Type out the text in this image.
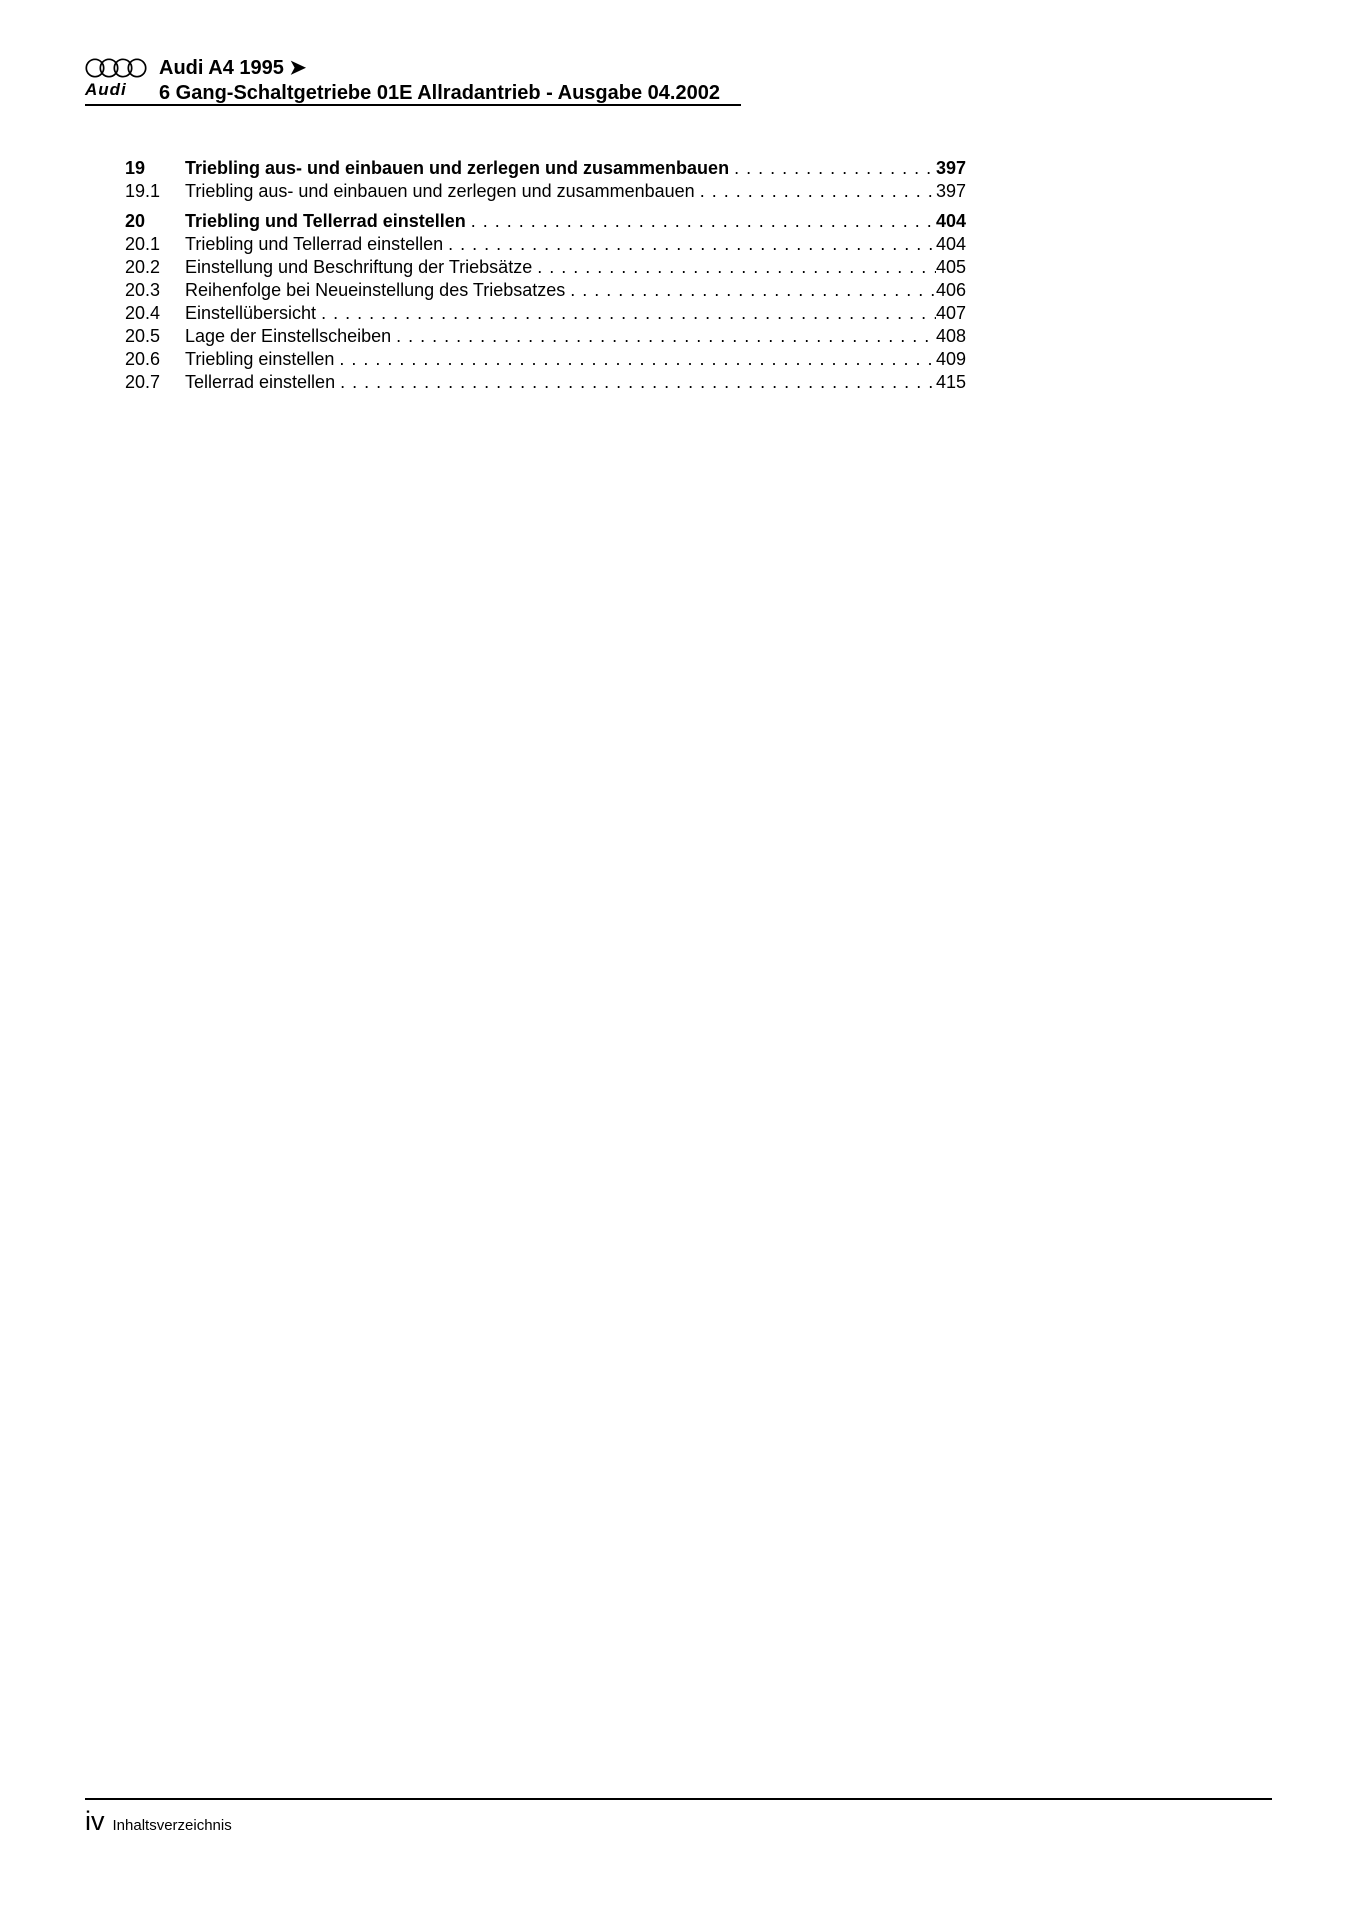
Audi
Audi A4 1995 ➤
6 Gang-Schaltgetriebe 01E Allradantrieb - Ausgabe 04.2002
19	Triebling aus- und einbauen und zerlegen und zusammenbauen . . .	397
19.1	Triebling aus- und einbauen und zerlegen und zusammenbauen . . .	397
20	Triebling und Tellerrad einstellen . . .	404
20.1	Triebling und Tellerrad einstellen . . .	404
20.2	Einstellung und Beschriftung der Triebsätze . . .	405
20.3	Reihenfolge bei Neueinstellung des Triebsatzes . . .	406
20.4	Einstellübersicht . . .	407
20.5	Lage der Einstellscheiben . . .	408
20.6	Triebling einstellen . . .	409
20.7	Tellerrad einstellen . . .	415
iv Inhaltsverzeichnis
